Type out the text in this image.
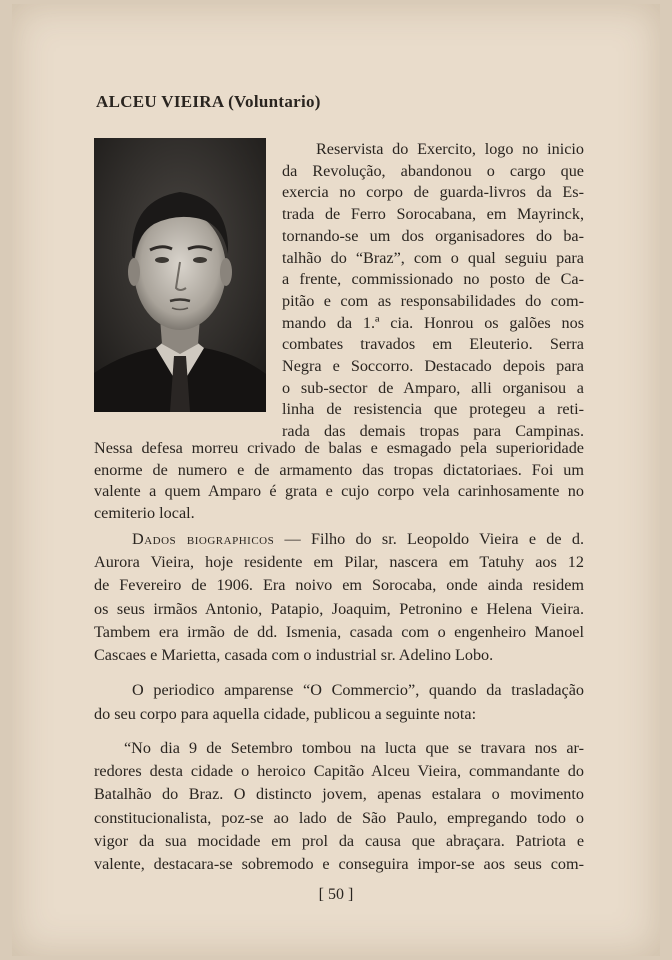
ALCEU VIEIRA (Voluntario)
Reservista do Exercito, logo no inicio
da Revolução, abandonou o cargo que
exercia no corpo de guarda-livros da Es-
trada de Ferro Sorocabana, em Mayrinck,
tornando-se um dos organisadores do ba-
talhão do “Braz”, com o qual seguiu para
a frente, commissionado no posto de Ca-
pitão e com as responsabilidades do com-
mando da 1.ª cia. Honrou os galões nos
combates travados em Eleuterio. Serra
Negra e Soccorro. Destacado depois para
o sub-sector de Amparo, alli organisou a
linha de resistencia que protegeu a reti-
rada das demais tropas para Campinas.
Nessa defesa morreu crivado de balas e esmagado pela superioridade
enorme de numero e de armamento das tropas dictatoriaes. Foi um
valente a quem Amparo é grata e cujo corpo vela carinhosamente no
cemiterio local.
Dados biographicos — Filho do sr. Leopoldo Vieira e de d.
Aurora Vieira, hoje residente em Pilar, nascera em Tatuhy aos 12
de Fevereiro de 1906. Era noivo em Sorocaba, onde ainda residem
os seus irmãos Antonio, Patapio, Joaquim, Petronino e Helena Vieira.
Tambem era irmão de dd. Ismenia, casada com o engenheiro Manoel
Cascaes e Marietta, casada com o industrial sr. Adelino Lobo.
O periodico amparense “O Commercio”, quando da trasladação
do seu corpo para aquella cidade, publicou a seguinte nota:
“No dia 9 de Setembro tombou na lucta que se travara nos ar-
redores desta cidade o heroico Capitão Alceu Vieira, commandante do
Batalhão do Braz. O distincto jovem, apenas estalara o movimento
constitucionalista, poz-se ao lado de São Paulo, empregando todo o
vigor da sua mocidade em prol da causa que abraçara. Patriota e
valente, destacara-se sobremodo e conseguira impor-se aos seus com-
[ 50 ]
